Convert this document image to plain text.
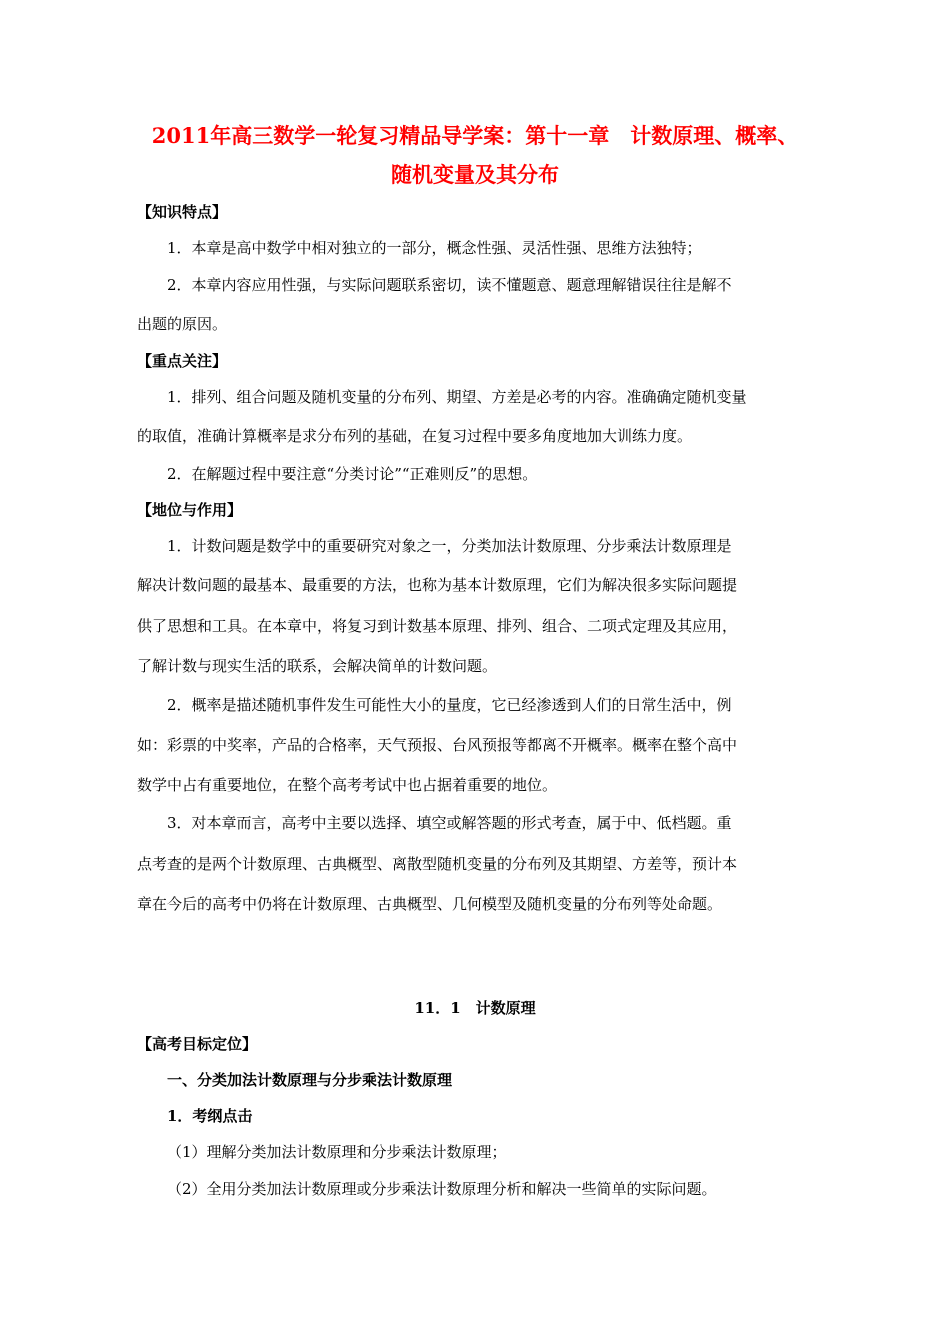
2011年高三数学一轮复习精品导学案：第十一章　计数原理、概率、
随机变量及其分布
【知识特点】
1．本章是高中数学中相对独立的一部分，概念性强、灵活性强、思维方法独特；
2．本章内容应用性强，与实际问题联系密切，读不懂题意、题意理解错误往往是解不
出题的原因。
【重点关注】
1．排列、组合问题及随机变量的分布列、期望、方差是必考的内容。准确确定随机变量
的取值，准确计算概率是求分布列的基础，在复习过程中要多角度地加大训练力度。
2．在解题过程中要注意“分类讨论”“正难则反”的思想。
【地位与作用】
1．计数问题是数学中的重要研究对象之一，分类加法计数原理、分步乘法计数原理是
解决计数问题的最基本、最重要的方法，也称为基本计数原理，它们为解决很多实际问题提
供了思想和工具。在本章中，将复习到计数基本原理、排列、组合、二项式定理及其应用，
了解计数与现实生活的联系，会解决简单的计数问题。
2．概率是描述随机事件发生可能性大小的量度，它已经渗透到人们的日常生活中，例
如：彩票的中奖率，产品的合格率，天气预报、台风预报等都离不开概率。概率在整个高中
数学中占有重要地位，在整个高考考试中也占据着重要的地位。
3．对本章而言，高考中主要以选择、填空或解答题的形式考查，属于中、低档题。重
点考查的是两个计数原理、古典概型、离散型随机变量的分布列及其期望、方差等，预计本
章在今后的高考中仍将在计数原理、古典概型、几何模型及随机变量的分布列等处命题。
11．1　计数原理
【高考目标定位】
一、分类加法计数原理与分步乘法计数原理
1．考纲点击
（1）理解分类加法计数原理和分步乘法计数原理；
（2）全用分类加法计数原理或分步乘法计数原理分析和解决一些简单的实际问题。
